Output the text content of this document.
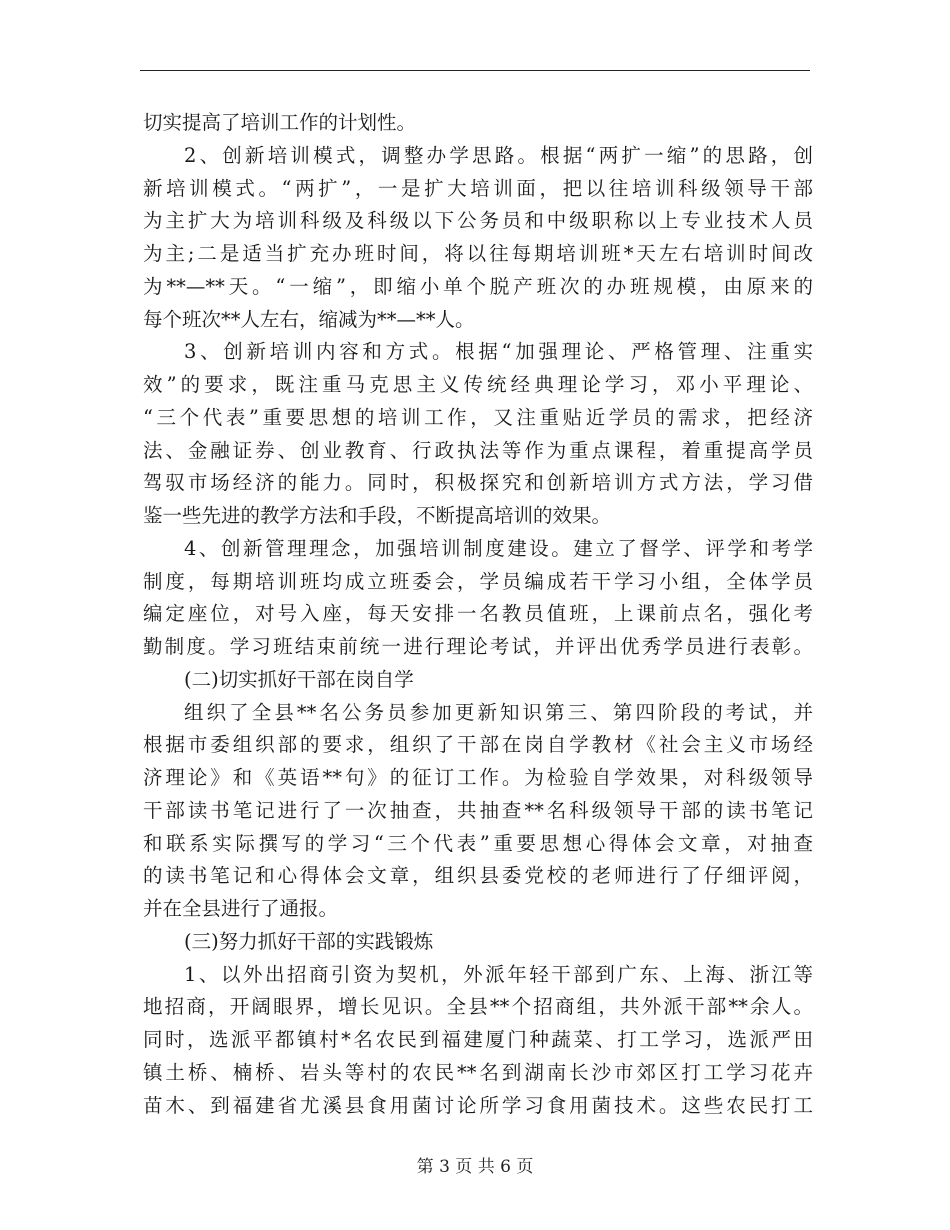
切实提高了培训工作的计划性。
2、创新培训模式，调整办学思路。根据“两扩一缩”的思路，创
新培训模式。“两扩”，一是扩大培训面，把以往培训科级领导干部
为主扩大为培训科级及科级以下公务员和中级职称以上专业技术人员
为主;二是适当扩充办班时间，将以往每期培训班*天左右培训时间改
为**—**天。“一缩”，即缩小单个脱产班次的办班规模，由原来的
每个班次**人左右，缩减为**—**人。
3、创新培训内容和方式。根据“加强理论、严格管理、注重实
效”的要求，既注重马克思主义传统经典理论学习，邓小平理论、
“三个代表”重要思想的培训工作，又注重贴近学员的需求，把经济
法、金融证券、创业教育、行政执法等作为重点课程，着重提高学员
驾驭市场经济的能力。同时，积极探究和创新培训方式方法，学习借
鉴一些先进的教学方法和手段，不断提高培训的效果。
4、创新管理理念，加强培训制度建设。建立了督学、评学和考学
制度，每期培训班均成立班委会，学员编成若干学习小组，全体学员
编定座位，对号入座，每天安排一名教员值班，上课前点名，强化考
勤制度。学习班结束前统一进行理论考试，并评出优秀学员进行表彰。
(二)切实抓好干部在岗自学
组织了全县**名公务员参加更新知识第三、第四阶段的考试，并
根据市委组织部的要求，组织了干部在岗自学教材《社会主义市场经
济理论》和《英语**句》的征订工作。为检验自学效果，对科级领导
干部读书笔记进行了一次抽查，共抽查**名科级领导干部的读书笔记
和联系实际撰写的学习“三个代表”重要思想心得体会文章，对抽查
的读书笔记和心得体会文章，组织县委党校的老师进行了仔细评阅，
并在全县进行了通报。
(三)努力抓好干部的实践锻炼
1、以外出招商引资为契机，外派年轻干部到广东、上海、浙江等
地招商，开阔眼界，增长见识。全县**个招商组，共外派干部**余人。
同时，选派平都镇村*名农民到福建厦门种蔬菜、打工学习，选派严田
镇土桥、楠桥、岩头等村的农民**名到湖南长沙市郊区打工学习花卉
苗木、到福建省尤溪县食用菌讨论所学习食用菌技术。这些农民打工
第 3 页 共 6 页
